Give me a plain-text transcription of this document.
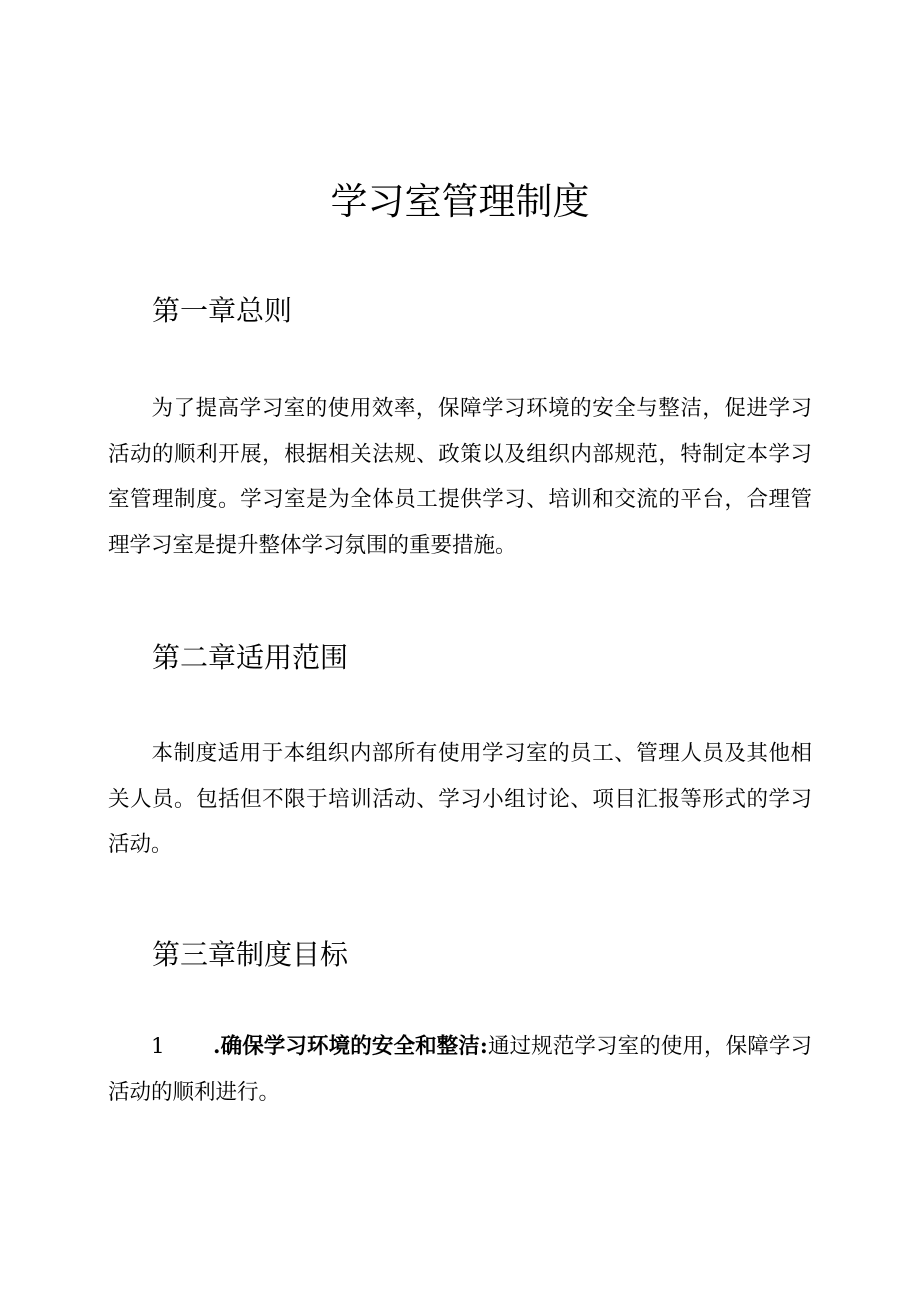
学习室管理制度
第一章总则

为了提高学习室的使用效率，保障学习环境的安全与整洁，促进学习活动的顺利开展，根据相关法规、政策以及组织内部规范，特制定本学习室管理制度。学习室是为全体员工提供学习、培训和交流的平台，合理管理学习室是提升整体学习氛围的重要措施。

第二章适用范围

本制度适用于本组织内部所有使用学习室的员工、管理人员及其他相关人员。包括但不限于培训活动、学习小组讨论、项目汇报等形式的学习活动。

第三章制度目标

1 .确保学习环境的安全和整洁:通过规范学习室的使用，保障学习活动的顺利进行。
